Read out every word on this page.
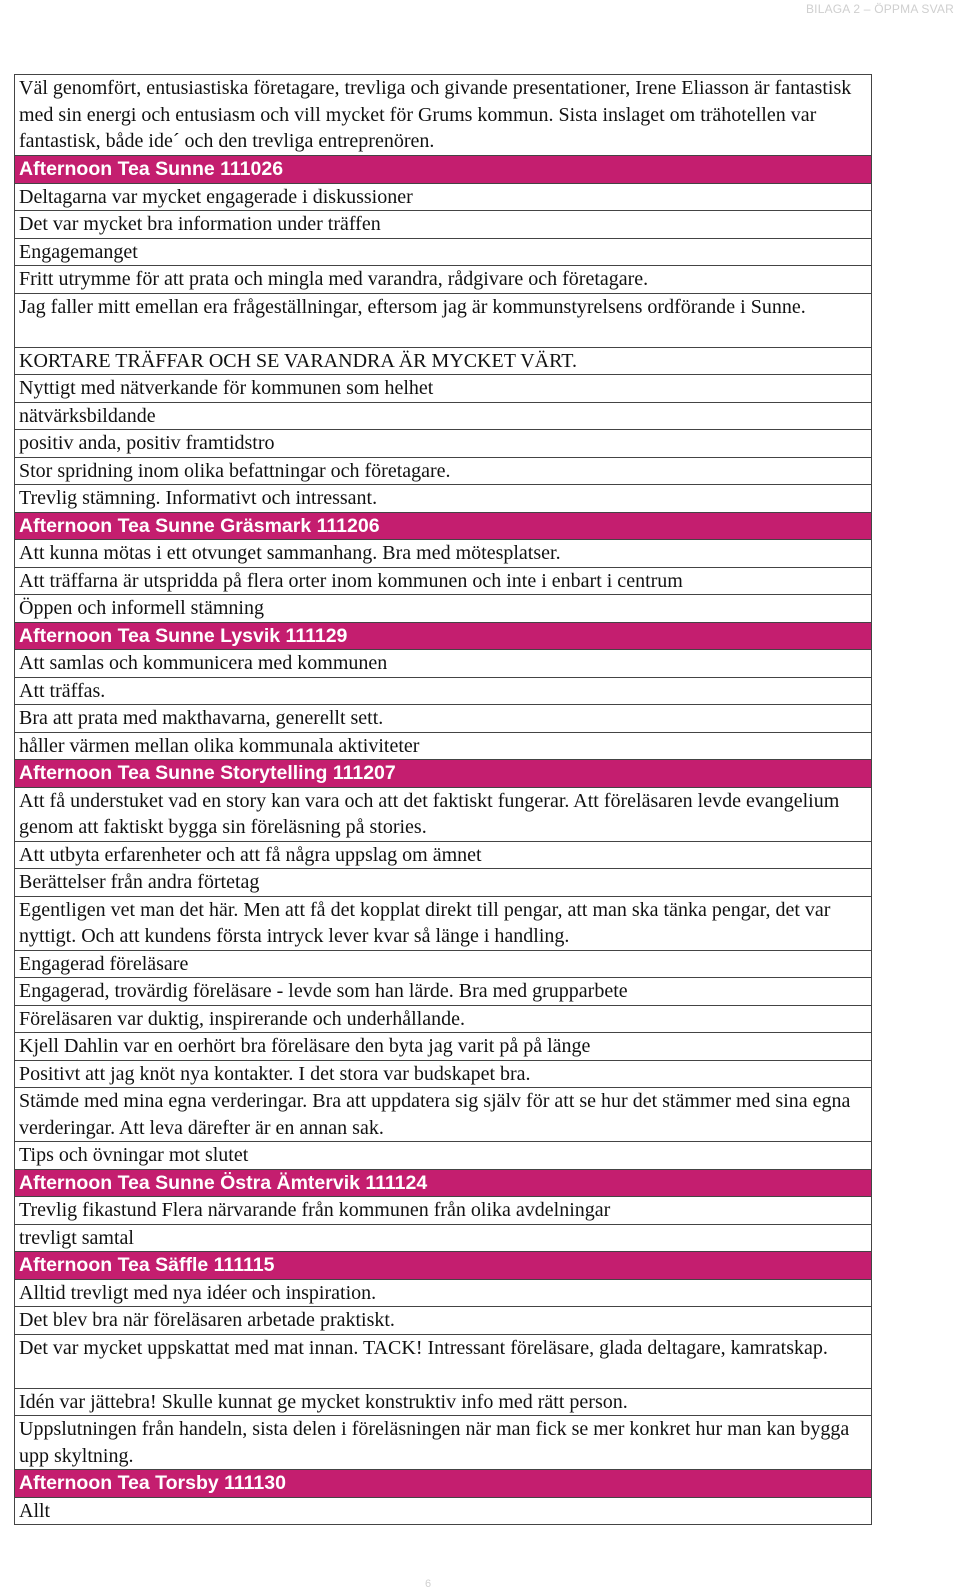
BILAGA 2 – ÖPPMA SVAR
Väl genomfört, entusiastiska företagare, trevliga och givande presentationer, Irene Eliasson är fantastisk med sin energi och entusiasm och vill mycket för Grums kommun. Sista inslaget om trähotellen var fantastisk, både ide´ och den trevliga entreprenören.
Afternoon Tea Sunne 111026
Deltagarna var mycket engagerade i diskussioner
Det var mycket bra information under träffen
Engagemanget
Fritt utrymme för att prata och mingla med varandra, rådgivare och företagare.
Jag faller mitt emellan era frågeställningar, eftersom jag är kommunstyrelsens ordförande i Sunne.
KORTARE TRÄFFAR OCH SE VARANDRA ÄR MYCKET VÄRT.
Nyttigt med nätverkande för kommunen som helhet
nätvärksbildande
positiv anda, positiv framtidstro
Stor spridning inom olika befattningar och företagare.
Trevlig stämning. Informativt och intressant.
Afternoon Tea Sunne Gräsmark 111206
Att kunna mötas i ett otvunget sammanhang. Bra med mötesplatser.
Att träffarna är utspridda på flera orter inom kommunen och inte i enbart i centrum
Öppen och informell stämning
Afternoon Tea Sunne Lysvik 111129
Att samlas och kommunicera med kommunen
Att träffas.
Bra att prata med makthavarna, generellt sett.
håller värmen mellan olika kommunala aktiviteter
Afternoon Tea Sunne Storytelling 111207
Att få understuket vad en story kan vara och att det faktiskt fungerar. Att föreläsaren levde evangelium genom att faktiskt bygga sin föreläsning på stories.
Att utbyta erfarenheter och att få några uppslag om ämnet
Berättelser från andra förtetag
Egentligen vet man det här. Men att få det kopplat direkt till pengar, att man ska tänka pengar, det var nyttigt. Och att kundens första intryck lever kvar så länge i handling.
Engagerad föreläsare
Engagerad, trovärdig föreläsare - levde som han lärde. Bra med grupparbete
Föreläsaren var duktig, inspirerande och underhållande.
Kjell Dahlin var en oerhört bra föreläsare den byta jag varit på på länge
Positivt att jag knöt nya kontakter. I det stora var budskapet bra.
Stämde med mina egna verderingar. Bra att uppdatera sig själv för att se hur det stämmer med sina egna verderingar. Att leva därefter är en annan sak.
Tips och övningar mot slutet
Afternoon Tea Sunne Östra Ämtervik 111124
Trevlig fikastund Flera närvarande från kommunen från olika avdelningar
trevligt samtal
Afternoon Tea Säffle 111115
Alltid trevligt med nya idéer och inspiration.
Det blev bra när föreläsaren arbetade praktiskt.
Det var mycket uppskattat med mat innan. TACK! Intressant föreläsare, glada deltagare, kamratskap.
Idén var jättebra! Skulle kunnat ge mycket konstruktiv info med rätt person.
Uppslutningen från handeln, sista delen i föreläsningen när man fick se mer konkret hur man kan bygga upp skyltning.
Afternoon Tea Torsby 111130
Allt
6
